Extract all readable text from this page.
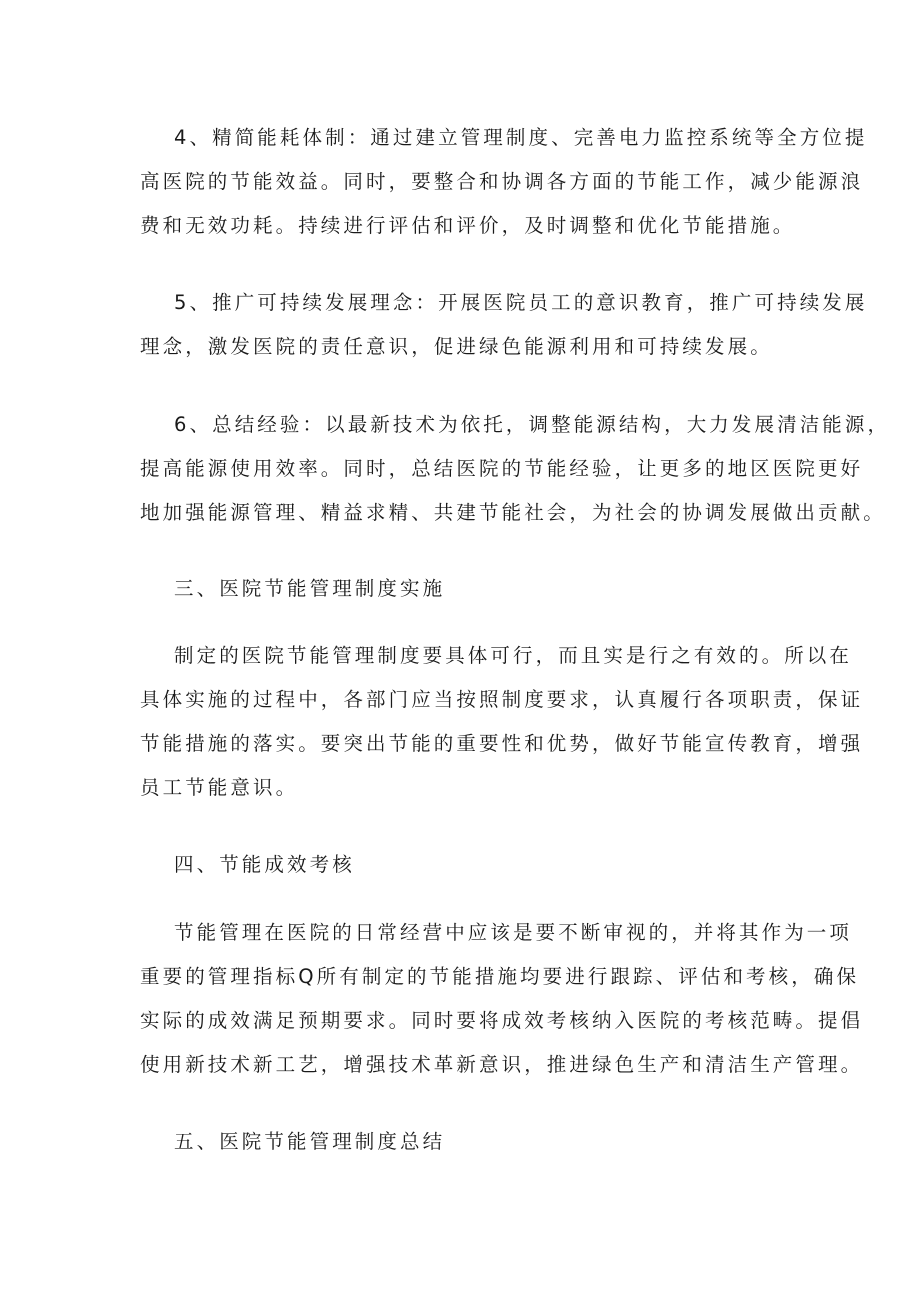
4、精简能耗体制：通过建立管理制度、完善电力监控系统等全方位提
高医院的节能效益。同时，要整合和协调各方面的节能工作，减少能源浪
费和无效功耗。持续进行评估和评价，及时调整和优化节能措施。
5、推广可持续发展理念：开展医院员工的意识教育，推广可持续发展
理念，激发医院的责任意识，促进绿色能源利用和可持续发展。
6、总结经验：以最新技术为依托，调整能源结构，大力发展清洁能源，
提高能源使用效率。同时，总结医院的节能经验，让更多的地区医院更好
地加强能源管理、精益求精、共建节能社会，为社会的协调发展做出贡献。
三、医院节能管理制度实施
制定的医院节能管理制度要具体可行，而且实是行之有效的。所以在
具体实施的过程中，各部门应当按照制度要求，认真履行各项职责，保证
节能措施的落实。要突出节能的重要性和优势，做好节能宣传教育，增强
员工节能意识。
四、节能成效考核
节能管理在医院的日常经营中应该是要不断审视的，并将其作为一项
重要的管理指标Q所有制定的节能措施均要进行跟踪、评估和考核，确保
实际的成效满足预期要求。同时要将成效考核纳入医院的考核范畴。提倡
使用新技术新工艺，增强技术革新意识，推进绿色生产和清洁生产管理。
五、医院节能管理制度总结
